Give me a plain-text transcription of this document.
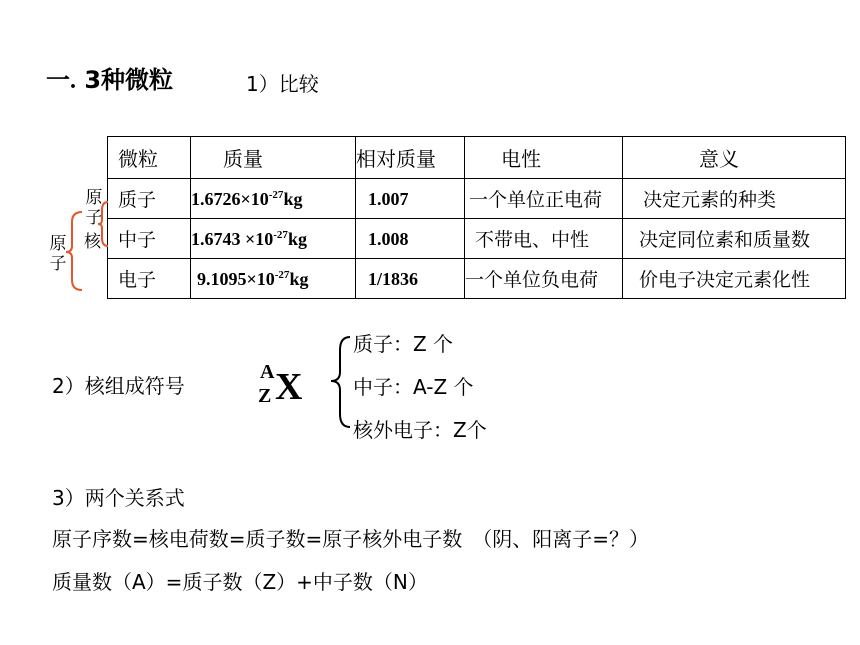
一. 3种微粒	1）比较
微粒	质量	相对质量	电性	意义
质子	$1.6726\times 10^{-27}kg$	1.007	一个单位正电荷	决定元素的种类
中子	$1.6743 \times 10^{-27}kg$	1.008	不带电、中性	决定同位素和质量数
电子	$9.1095\times 10^{-27}kg$	1/1836	一个单位负电荷	价电子决定元素化性
原子
原子
核
2）核组成符号
A
Z X
质子：Z 个
中子：A-Z 个
核外电子：Z个
3）两个关系式
原子序数=核电荷数=质子数=原子核外电子数　（阴、阳离子=？）
质量数（A）=质子数（Z）+中子数（N）
